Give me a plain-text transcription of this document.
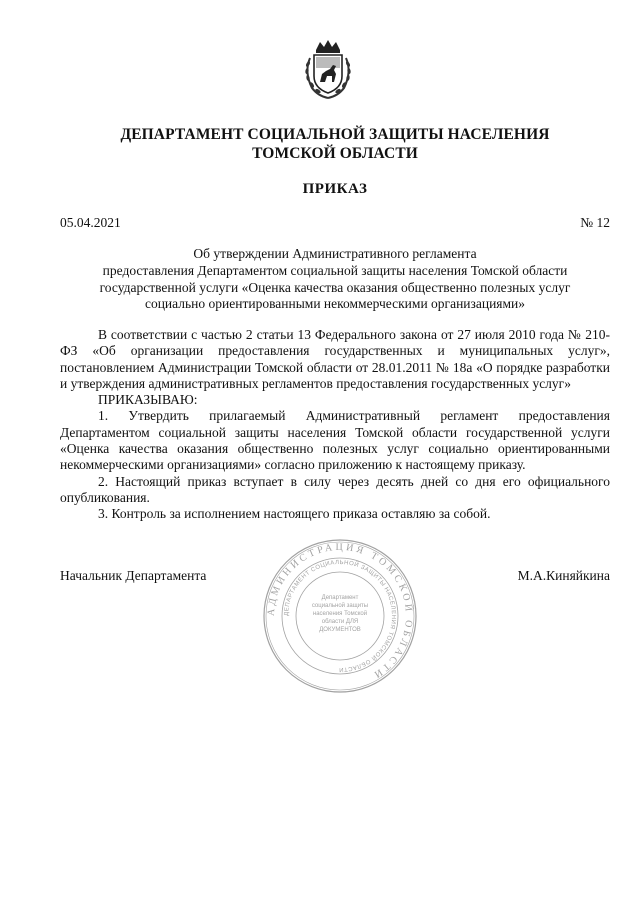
ДЕПАРТАМЕНТ СОЦИАЛЬНОЙ ЗАЩИТЫ НАСЕЛЕНИЯ
ТОМСКОЙ ОБЛАСТИ
ПРИКАЗ
05.04.2021	№ 12
Об утверждении Административного регламента
предоставления Департаментом социальной защиты населения Томской области
государственной услуги «Оценка качества оказания общественно полезных услуг
социально ориентированными некоммерческими организациями»

В соответствии с частью 2 статьи 13 Федерального закона от 27 июля 2010 года № 210-ФЗ «Об организации предоставления государственных и муниципальных услуг», постановлением Администрации Томской области от 28.01.2011 № 18а «О порядке разработки и утверждения административных регламентов предоставления государственных услуг»

ПРИКАЗЫВАЮ:

1. Утвердить прилагаемый Административный регламент предоставления Департаментом социальной защиты населения Томской области государственной услуги «Оценка качества оказания общественно полезных услуг социально ориентированными некоммерческими организациями» согласно приложению к настоящему приказу.

2. Настоящий приказ вступает в силу через десять дней со дня его официального опубликования.

3. Контроль за исполнением настоящего приказа оставляю за собой.

Начальник Департамента	М.А.Киняйкина
АДМИНИСТРАЦИЯ ТОМСКОЙ ОБЛАСТИ
ДЕПАРТАМЕНТ СОЦИАЛЬНОЙ ЗАЩИТЫ НАСЕЛЕНИЯ ТОМСКОЙ ОБЛАСТИ
Департамент социальной защиты населения Томской области ДЛЯ ДОКУМЕНТОВ
